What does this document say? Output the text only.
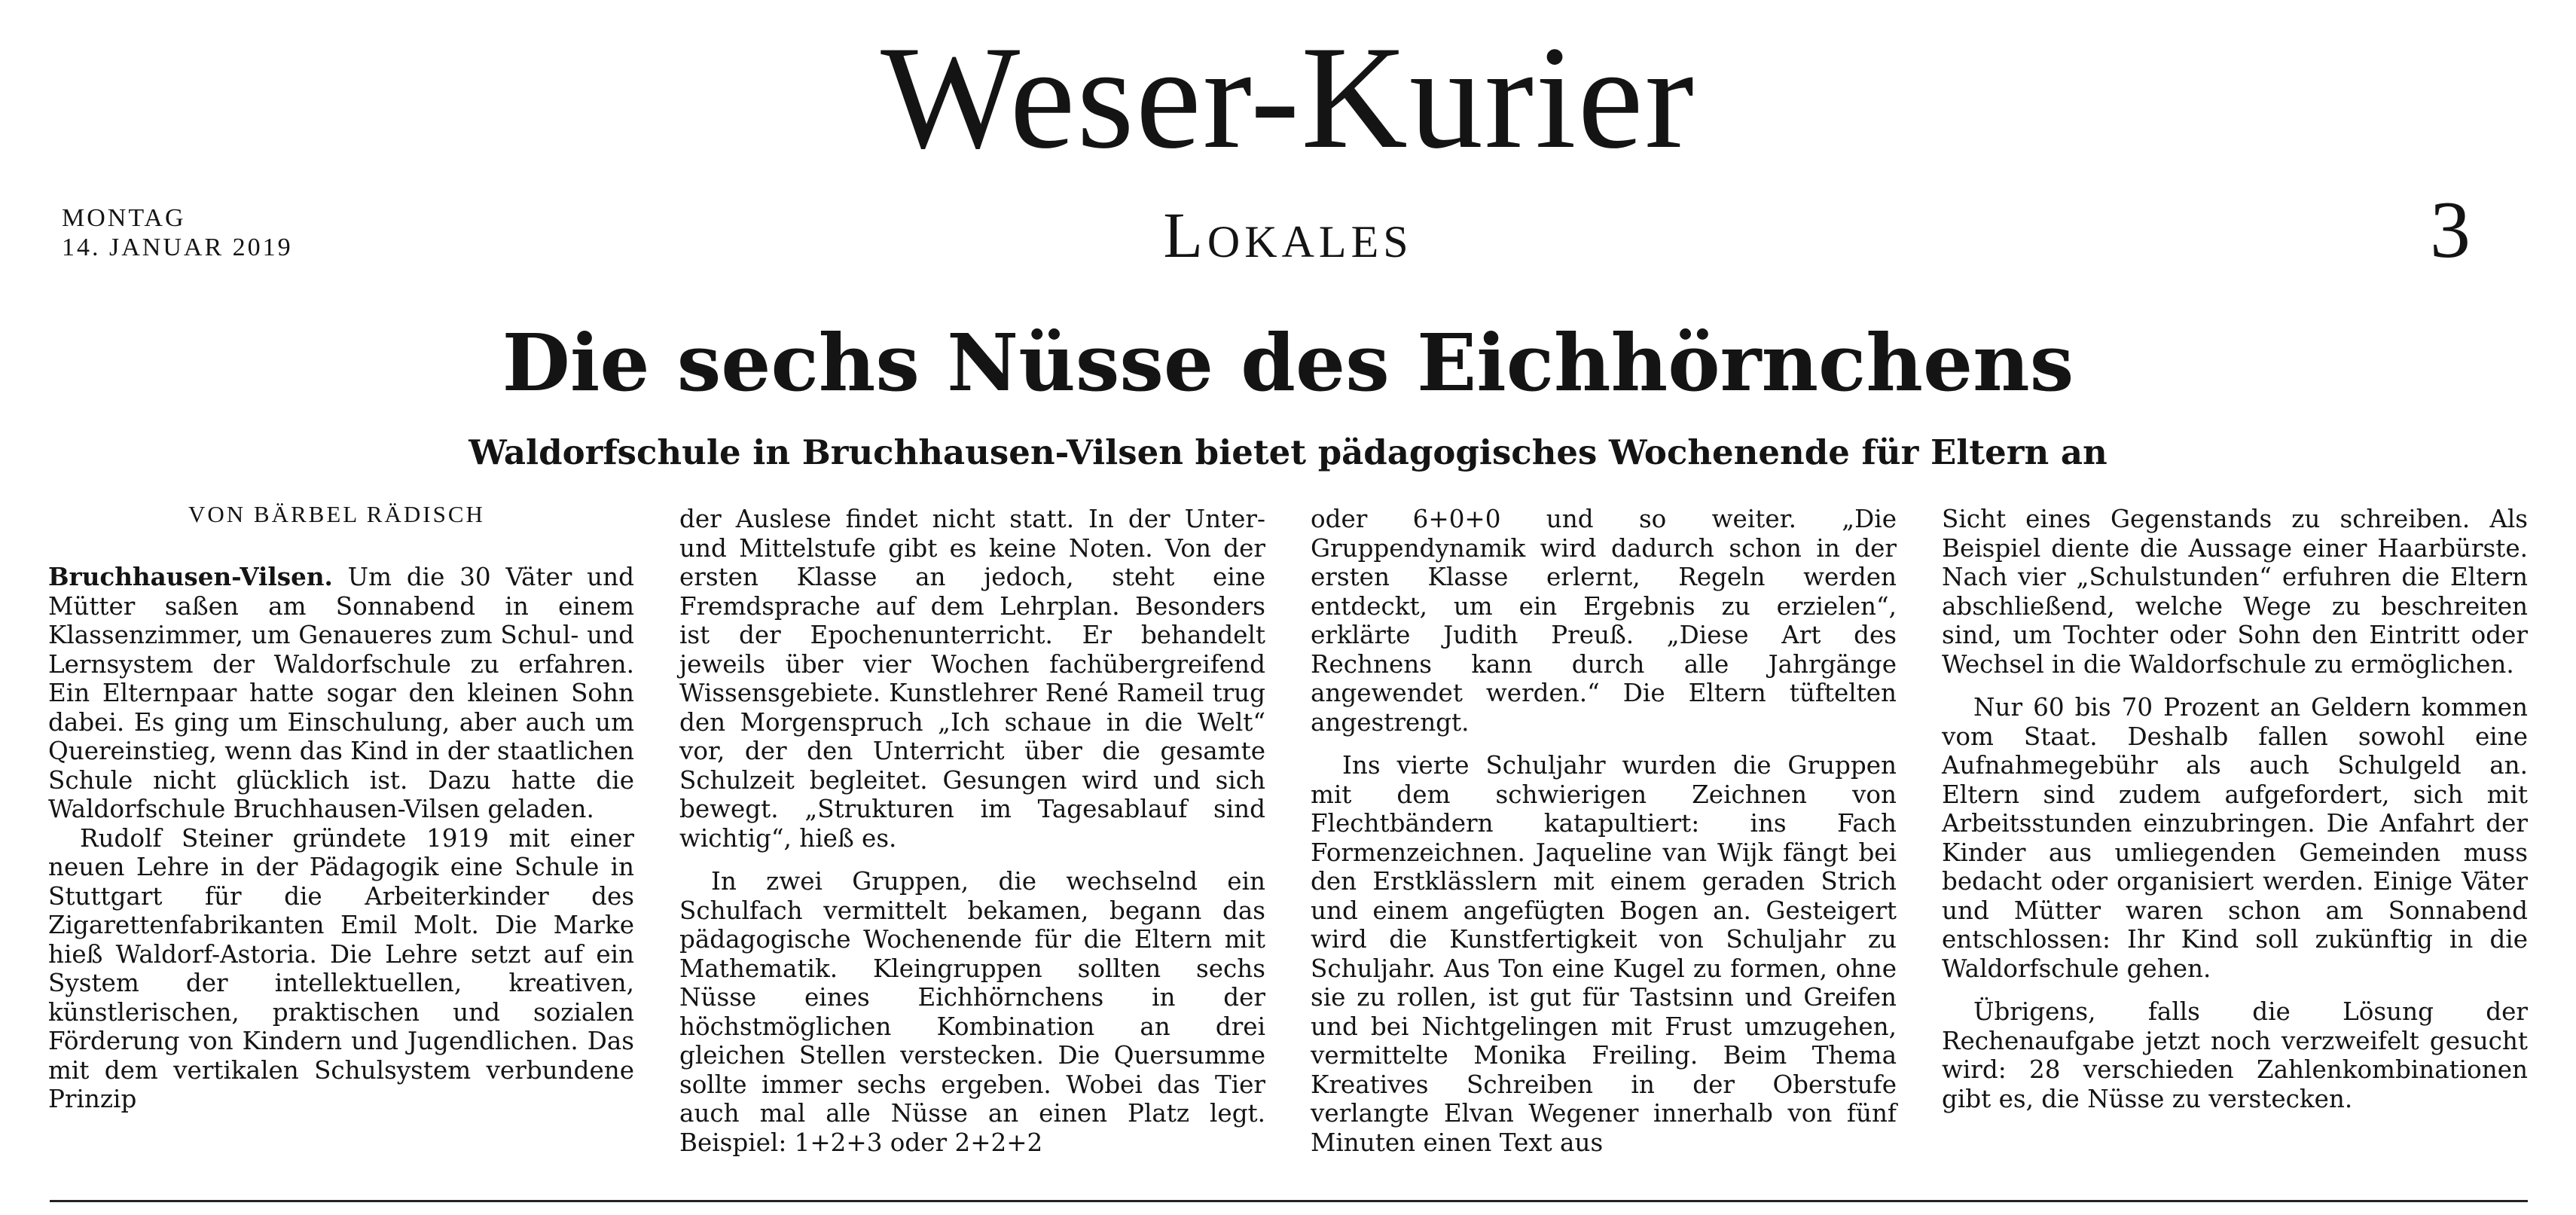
Weser-Kurier
MONTAG
14. JANUAR 2019	Lokales	3
Die sechs Nüsse des Eichhörnchens
Waldorfschule in Bruchhausen-Vilsen bietet pädagogisches Wochenende für Eltern an
VON BÄRBEL RÄDISCH

Bruchhausen-Vilsen. Um die 30 Väter und Mütter saßen am Sonnabend in einem Klassenzimmer, um Genaueres zum Schul- und Lernsystem der Waldorfschule zu erfahren. Ein Elternpaar hatte sogar den kleinen Sohn dabei. Es ging um Einschulung, aber auch um Quereinstieg, wenn das Kind in der staatlichen Schule nicht glücklich ist. Dazu hatte die Waldorfschule Bruchhausen-Vilsen geladen.

Rudolf Steiner gründete 1919 mit einer neuen Lehre in der Pädagogik eine Schule in Stuttgart für die Arbeiterkinder des Zigarettenfabrikanten Emil Molt. Die Marke hieß Waldorf-Astoria. Die Lehre setzt auf ein System der intellektuellen, kreativen, künstlerischen, praktischen und sozialen Förderung von Kindern und Jugendlichen. Das mit dem vertikalen Schulsystem verbundene Prinzip

der Auslese findet nicht statt. In der Unter- und Mittelstufe gibt es keine Noten. Von der ersten Klasse an jedoch, steht eine Fremdsprache auf dem Lehrplan. Besonders ist der Epochenunterricht. Er behandelt jeweils über vier Wochen fachübergreifend Wissensgebiete. Kunstlehrer René Rameil trug den Morgenspruch „Ich schaue in die Welt“ vor, der den Unterricht über die gesamte Schulzeit begleitet. Gesungen wird und sich bewegt. „Strukturen im Tagesablauf sind wichtig“, hieß es.

In zwei Gruppen, die wechselnd ein Schulfach vermittelt bekamen, begann das pädagogische Wochenende für die Eltern mit Mathematik. Kleingruppen sollten sechs Nüsse eines Eichhörnchens in der höchstmöglichen Kombination an drei gleichen Stellen verstecken. Die Quersumme sollte immer sechs ergeben. Wobei das Tier auch mal alle Nüsse an einen Platz legt. Beispiel: 1+2+3 oder 2+2+2

oder 6+0+0 und so weiter. „Die Gruppendynamik wird dadurch schon in der ersten Klasse erlernt, Regeln werden entdeckt, um ein Ergebnis zu erzielen“, erklärte Judith Preuß. „Diese Art des Rechnens kann durch alle Jahrgänge angewendet werden.“ Die Eltern tüftelten angestrengt.

Ins vierte Schuljahr wurden die Gruppen mit dem schwierigen Zeichnen von Flechtbändern katapultiert: ins Fach Formenzeichnen. Jaqueline van Wijk fängt bei den Erstklässlern mit einem geraden Strich und einem angefügten Bogen an. Gesteigert wird die Kunstfertigkeit von Schuljahr zu Schuljahr. Aus Ton eine Kugel zu formen, ohne sie zu rollen, ist gut für Tastsinn und Greifen und bei Nichtgelingen mit Frust umzugehen, vermittelte Monika Freiling. Beim Thema Kreatives Schreiben in der Oberstufe verlangte Elvan Wegener innerhalb von fünf Minuten einen Text aus

Sicht eines Gegenstands zu schreiben. Als Beispiel diente die Aussage einer Haarbürste. Nach vier „Schulstunden“ erfuhren die Eltern abschließend, welche Wege zu beschreiten sind, um Tochter oder Sohn den Eintritt oder Wechsel in die Waldorfschule zu ermöglichen.

Nur 60 bis 70 Prozent an Geldern kommen vom Staat. Deshalb fallen sowohl eine Aufnahmegebühr als auch Schulgeld an. Eltern sind zudem aufgefordert, sich mit Arbeitsstunden einzubringen. Die Anfahrt der Kinder aus umliegenden Gemeinden muss bedacht oder organisiert werden. Einige Väter und Mütter waren schon am Sonnabend entschlossen: Ihr Kind soll zukünftig in die Waldorfschule gehen.

Übrigens, falls die Lösung der Rechenaufgabe jetzt noch verzweifelt gesucht wird: 28 verschieden Zahlenkombinationen gibt es, die Nüsse zu verstecken.
